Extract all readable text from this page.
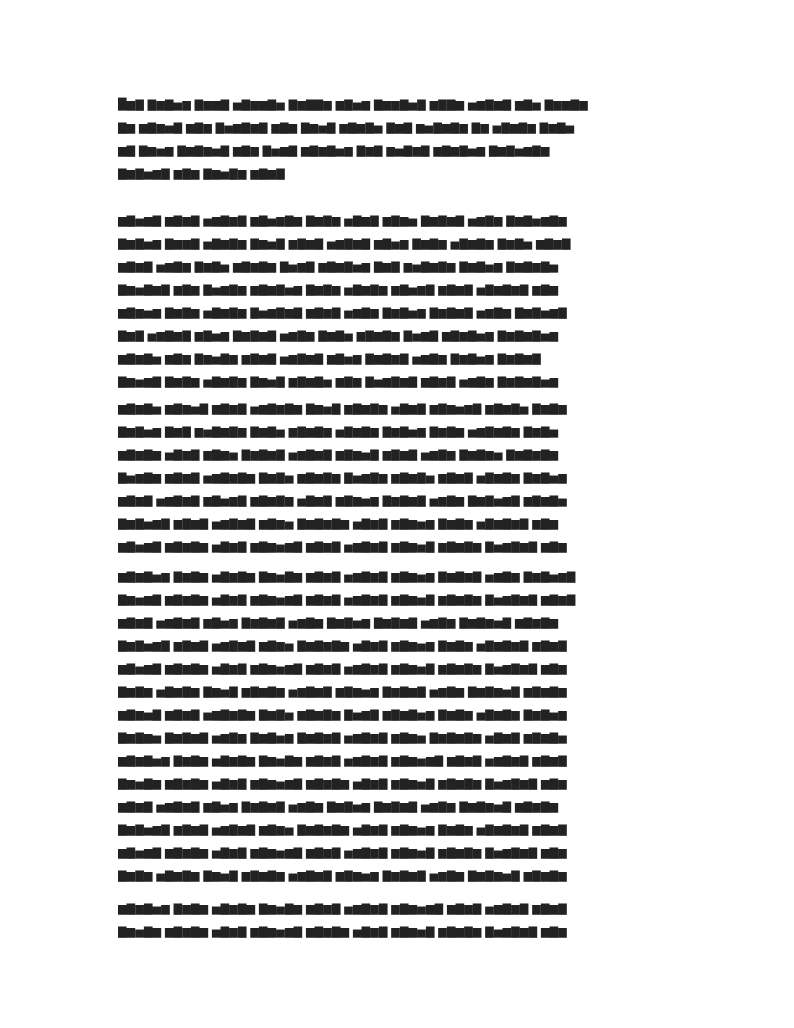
█▆▇ ▇▆▇▅▆ ▇▆▆▇ ▅▇▆▆▇▅ ▇▆▇▇▆ ▆▇▅▆ ▇▆▆▇▅▇ ▆▇▇▆ ▅▆▇▆▇ ▆▇▅ ▇▆▆▇▆
▇▆ ▆▇▆▅▇ ▆▇▆ ▇▅▆▇▆▇ ▆▇▆ ▇▆▅▇ ▆▇▆▇▅ ▇▆▇ ▆▅▇▆▇▆ ▇▆ ▅▇▆▇▆ ▇▆▇▅
▆▇ ▇▆▅▆ ▇▆▇▆▅▇ ▆▇▆ ▇▅▆▇ ▆▇▆▇▅▆ ▇▆▇ ▆▅▇▆▇ ▆▇▆▇▅▆ ▇▆▇▅▆▇▆
▇▆▇▅▆▇ ▆▇▆ ▇▆▅▇▆ ▆▇▆▇
▆▇▅▆▇ ▆▇▆▇ ▅▆▇▆▇ ▆▇▅▆▇▆ ▇▆▇▆ ▅▇▆▇ ▆▇▆▅ ▇▆▇▆▇ ▅▆▇▆ ▇▆▇▅▆▇▆
▇▆▇▅▆ ▇▆▆▇ ▅▇▆▇▆ ▇▆▅▇ ▆▇▆▇ ▅▆▇▆▇ ▆▇▅▆ ▇▆▇▆ ▅▇▆▇▆ ▇▆▇▅ ▆▇▆▇
▆▇▆▇ ▅▆▇▆ ▇▆▇▅ ▆▇▆▇▆ ▇▅▆▇ ▆▇▆▇▅▆ ▇▆▇ ▆▅▇▆▇▆ ▇▆▇▅▆ ▇▆▇▆▇▅
▇▆▅▇▆▇ ▆▇▆ ▇▅▆▇▆ ▆▇▆▇▅▆ ▇▆▇▆ ▅▇▆▇▆ ▆▇▅▆▇ ▆▇▆▇ ▅▇▆▇▆▇ ▆▇▆
▆▇▆▅▆ ▇▆▇▆ ▅▇▆▇▆ ▇▅▆▇▆▇ ▆▇▆▇ ▅▆▇▆ ▇▆▇▅▆ ▇▆▇▆▇ ▅▆▇▆ ▇▆▇▅▆▇
▇▆▇ ▅▆▇▆▇ ▆▇▅▆ ▇▆▇▆▇ ▅▆▇▆ ▇▆▇▅ ▆▇▆▇▆ ▇▅▆▇ ▆▇▆▇▅▆ ▇▆▇▆▇▅▆
▆▇▆▇▅ ▆▇▆ ▇▆▅▇▆ ▆▇▆▇ ▅▆▇▆▇ ▆▇▅▆ ▇▆▇▆▇ ▅▆▇▆ ▇▆▇▅▆ ▇▆▇▆▇
▇▆▅▆▇ ▇▆▇▆ ▅▇▆▇▆ ▇▆▅▇ ▆▇▆▇▅ ▆▇▆ ▇▅▆▇▆▇ ▆▇▆▇ ▅▆▇▆ ▇▆▇▆▇▅▆
▆▇▆▇▅ ▆▇▆▅▇ ▆▇▆▇ ▅▆▇▆▇▆ ▇▆▅▇ ▆▇▆▇▆ ▅▇▆▇ ▆▇▆▅▆▇ ▆▇▆▇▅ ▇▆▇▆
▇▆▇▅▆ ▇▆▇ ▆▅▇▆▇▆ ▇▆▇▅ ▆▇▆▇▆ ▅▇▆▇▆ ▇▆▇▅▆ ▇▆▇▆ ▅▆▇▆▇▆ ▇▆▇▅
▆▇▆▇▆ ▅▇▆▇ ▆▇▆▅ ▇▆▇▆▇ ▅▆▇▆▇ ▆▇▆▅▇ ▆▇▆▇ ▅▆▇▆ ▇▆▇▆▅ ▇▆▇▆▇▆
▇▅▆▇▆ ▆▇▆▇ ▅▆▇▆▇▆ ▇▆▇▅ ▆▇▆▇▆ ▇▅▆▇▆ ▆▇▆▇▅ ▆▇▆▇ ▅▇▆▇▆ ▇▆▇▅▆
▆▇▆▇ ▅▆▇▆▇ ▆▇▅▆▇ ▆▇▆▇▆ ▅▇▆▇ ▆▇▆▅▆ ▇▆▇▆▇ ▅▆▇▆ ▇▆▇▅▆▇ ▆▇▆▇▅
▇▆▇▅▆▇ ▆▇▆▇ ▅▆▇▆▇ ▆▇▆▅ ▇▆▇▆▇▆ ▅▇▆▇ ▆▇▆▅▆ ▇▆▇▆ ▅▇▆▇▆▇ ▆▇▆
▆▇▅▆▇ ▆▇▆▇▆ ▅▇▆▇ ▆▇▆▅▆▇ ▆▇▆▇ ▅▆▇▆▇ ▆▇▆▅▇ ▆▇▆▇▆ ▇▅▆▇▆▇ ▆▇▆
▆▇▆▇▅▆ ▇▆▇▆ ▅▇▆▇▆ ▇▆▅▇▆ ▆▇▆▇ ▅▆▇▆▇ ▆▇▆▅▆ ▇▆▇▆▇ ▅▆▇▆ ▇▆▇▅▆▇
▇▆▅▆▇ ▆▇▆▇▆ ▅▇▆▇ ▆▇▆▅▆▇ ▆▇▆▇ ▅▆▇▆▇ ▆▇▆▅▇ ▆▇▆▇▆ ▇▅▆▇▆▇ ▆▇▆▇
▆▇▆▇ ▅▆▇▆▇ ▆▇▅▆ ▇▆▇▆▇ ▅▆▇▆ ▇▆▇▅▆ ▇▆▇▆▇ ▅▆▇▆ ▇▆▇▆▅▇ ▆▇▆▇▆
▇▆▇▅▆▇ ▆▇▆▇ ▅▆▇▆▇ ▆▇▆▅ ▇▆▇▆▇▆ ▅▇▆▇ ▆▇▆▅▆ ▇▆▇▆ ▅▇▆▇▆▇ ▆▇▆▇
▆▇▅▆▇ ▆▇▆▇▆ ▅▇▆▇ ▆▇▆▅▆▇ ▆▇▆▇ ▅▆▇▆▇ ▆▇▆▅▇ ▆▇▆▇▆ ▇▅▆▇▆▇ ▆▇▆
▇▆▇▆ ▅▇▆▇▆ ▇▆▅▇ ▆▇▆▇▆ ▅▆▇▆▇ ▆▇▆▅▆ ▇▆▇▆▇ ▅▆▇▆ ▇▆▇▆▅▇ ▆▇▆▇▆
▆▇▆▅▇ ▆▇▆▇ ▅▆▇▆▇▆ ▇▆▇▅ ▆▇▆▇▆ ▇▅▆▇ ▆▇▆▇▅▆ ▇▆▇▆ ▅▇▆▇▆ ▇▆▇▅▆
▇▆▇▆▅ ▇▆▇▆▇ ▅▆▇▆ ▇▆▇▅▆ ▇▆▇▆▇ ▅▆▇▆▇ ▆▇▆▅ ▇▆▇▆▇▆ ▅▇▆▇ ▆▇▆▇▅
▆▇▆▇▅▆ ▇▆▇▆ ▅▇▆▇▆ ▇▆▅▇▆ ▆▇▆▇ ▅▆▇▆▇ ▆▇▆▅▆▇ ▆▇▆▇ ▅▆▇▆▇ ▆▇▆▇
▇▆▅▇▆ ▆▇▆▇▆ ▅▇▆▇ ▆▇▆▅▆▇ ▆▇▆▇▆ ▅▇▆▇ ▆▇▆▅▇ ▆▇▆▇▆ ▇▅▆▇▆▇ ▆▇▆
▆▇▆▇ ▅▆▇▆▇ ▆▇▅▆ ▇▆▇▆▇ ▅▆▇▆ ▇▆▇▅▆ ▇▆▇▆▇ ▅▆▇▆ ▇▆▇▆▅▇ ▆▇▆▇▆
▇▆▇▅▆▇ ▆▇▆▇ ▅▆▇▆▇ ▆▇▆▅ ▇▆▇▆▇▆ ▅▇▆▇ ▆▇▆▅▆ ▇▆▇▆ ▅▇▆▇▆▇ ▆▇▆▇
▆▇▅▆▇ ▆▇▆▇▆ ▅▇▆▇ ▆▇▆▅▆▇ ▆▇▆▇ ▅▆▇▆▇ ▆▇▆▅▇ ▆▇▆▇▆ ▇▅▆▇▆▇ ▆▇▆
▇▆▇▆ ▅▇▆▇▆ ▇▆▅▇ ▆▇▆▇▆ ▅▆▇▆▇ ▆▇▆▅▆ ▇▆▇▆▇ ▅▆▇▆ ▇▆▇▆▅▇ ▆▇▆▇▆
▆▇▆▇▅▆ ▇▆▇▆ ▅▇▆▇▆ ▇▆▅▇▆ ▆▇▆▇ ▅▆▇▆▇ ▆▇▆▅▆▇ ▆▇▆▇ ▅▆▇▆▇ ▆▇▆▇
▇▆▅▇▆ ▆▇▆▇▆ ▅▇▆▇ ▆▇▆▅▆▇ ▆▇▆▇▆ ▅▇▆▇ ▆▇▆▅▇ ▆▇▆▇▆ ▇▅▆▇▆▇ ▆▇▆
